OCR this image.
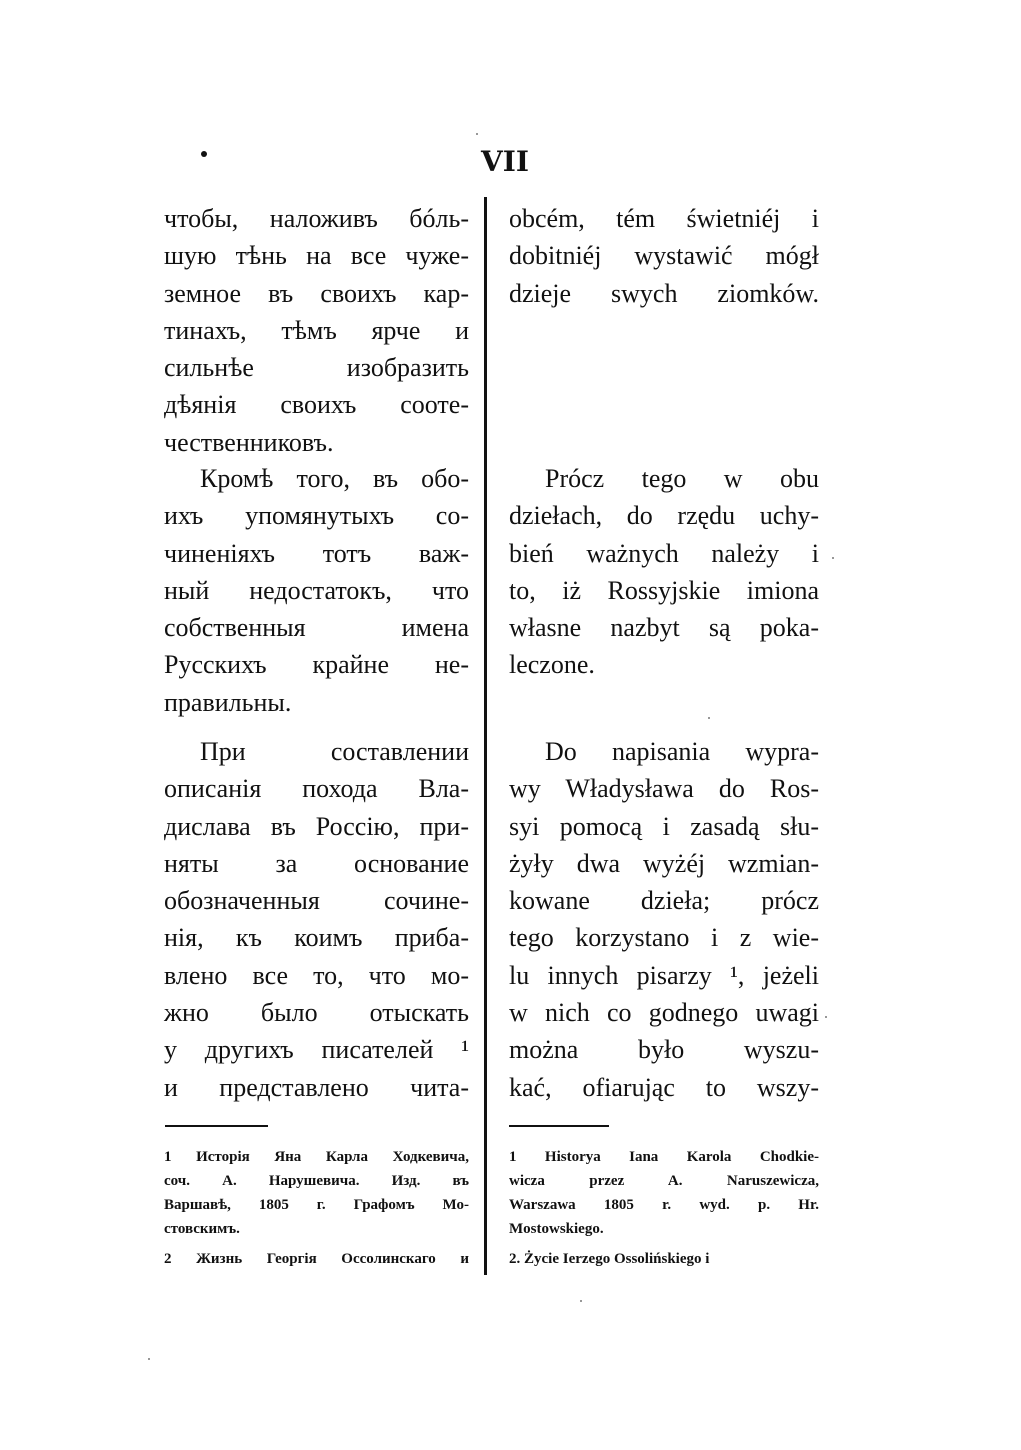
VII
чтобы, наложивъ бóль-
шую тѣнь на все чуже-
земное въ своихъ кар-
тинахъ, тѣмъ ярче и
сильнѣе изобразить
дѣянія своихъ сооте-
чественниковъ.
Кромѣ того, въ обо-
ихъ упомянутыхъ со-
чиненіяхъ тотъ важ-
ный недостатокъ, что
собственныя имена
Русскихъ крайне не-
правильны.
При составлении
описанія похода Вла-
дислава въ Россію, при-
няты за основание
обозначенныя сочине-
нія, къ коимъ приба-
влено все то, что мо-
жно было отыскать
у другихъ писателей ¹
и представлено чита-
obcém, tém świetniéj i
dobitniéj wystawić mógł
dzieje swych ziomków.
Prócz tego w obu
dziełach, do rzędu uchy-
bień ważnych należy i
to, iż Rossyjskie imiona
własne nazbyt są poka-
leczone.
Do napisania wypra-
wy Władysława do Ros-
syi pomocą i zasadą słu-
żyły dwa wyżéj wzmian-
kowane dzieła; prócz
tego korzystano i z wie-
lu innych pisarzy ¹, jeżeli
w nich co godnego uwagi
można było wyszu-
kać, ofiarując to wszy-
1 Исторія Яна Карла Ходкевича,
соч. А. Нарушевича. Изд. въ
Варшавѣ, 1805 г. Графомъ Мо-
стовскимъ.
2 Жизнь Георгія Оссолинскаго и
1 Historya Iana Karola Chodkie-
wicza przez A. Naruszewicza,
Warszawa 1805 r. wyd. p. Hr.
Mostowskiego.
2. Życie Ierzego Ossolińskiego i
